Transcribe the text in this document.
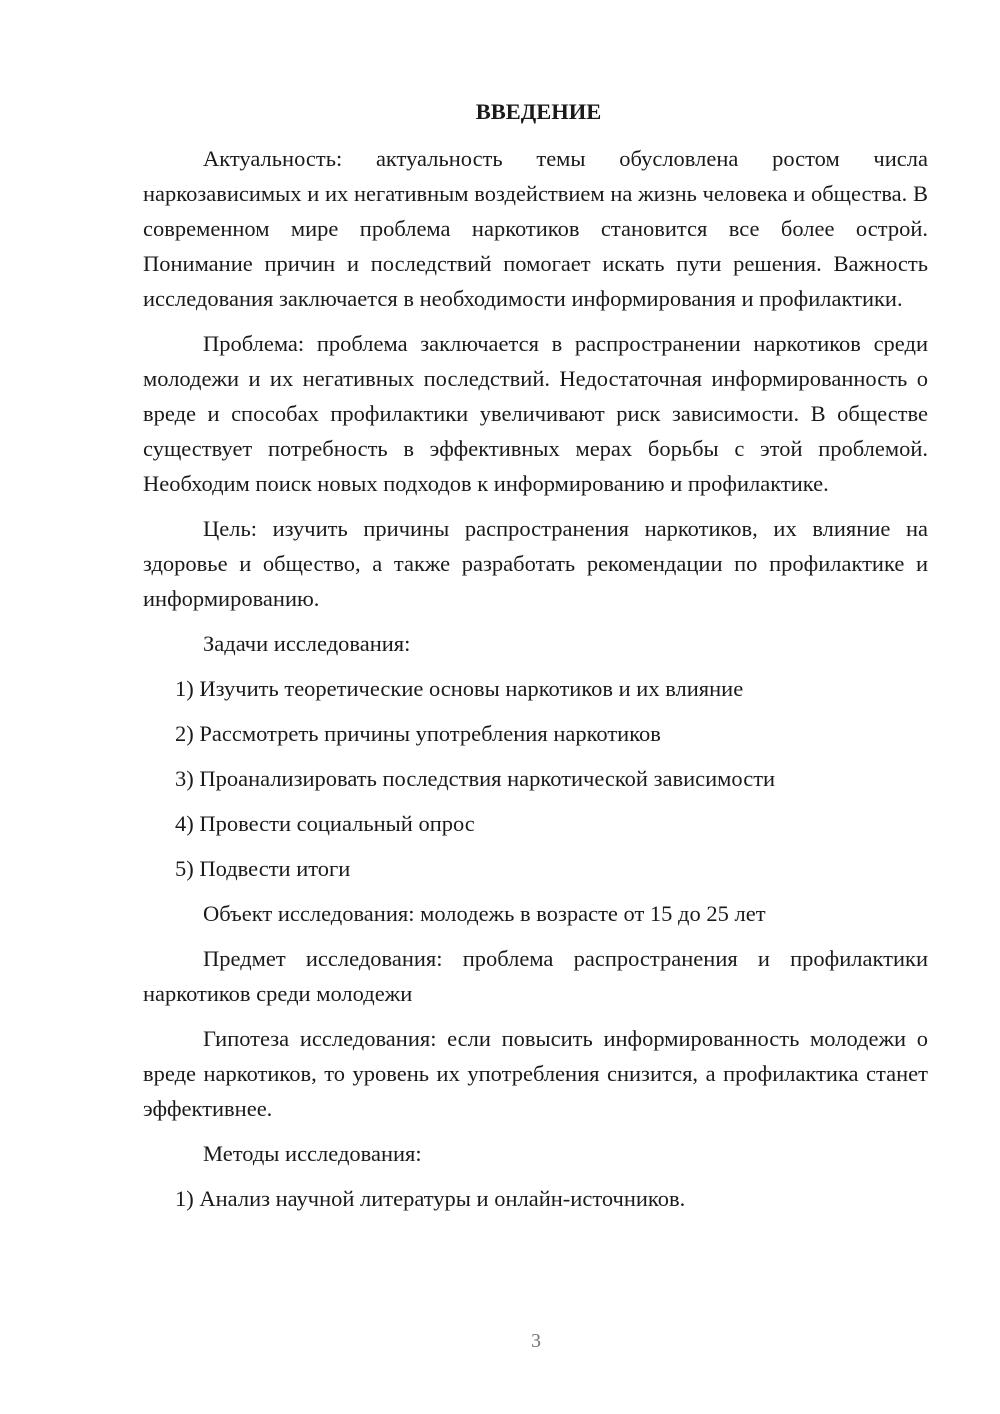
ВВЕДЕНИЕ

Актуальность: актуальность темы обусловлена ростом числа наркозависимых и их негативным воздействием на жизнь человека и общества. В современном мире проблема наркотиков становится все более острой. Понимание причин и последствий помогает искать пути решения. Важность исследования заключается в необходимости информирования и профилактики.

Проблема: проблема заключается в распространении наркотиков среди молодежи и их негативных последствий. Недостаточная информированность о вреде и способах профилактики увеличивают риск зависимости. В обществе существует потребность в эффективных мерах борьбы с этой проблемой. Необходим поиск новых подходов к информированию и профилактике.

Цель: изучить причины распространения наркотиков, их влияние на здоровье и общество, а также разработать рекомендации по профилактике и информированию.

Задачи исследования:
1) Изучить теоретические основы наркотиков и их влияние
2) Рассмотреть причины употребления наркотиков
3) Проанализировать последствия наркотической зависимости
4) Провести социальный опрос
5) Подвести итоги

Объект исследования: молодежь в возрасте от 15 до 25 лет

Предмет исследования: проблема распространения и профилактики наркотиков среди молодежи

Гипотеза исследования: если повысить информированность молодежи о вреде наркотиков, то уровень их употребления снизится, а профилактика станет эффективнее.

Методы исследования:
1) Анализ научной литературы и онлайн-источников.
3
